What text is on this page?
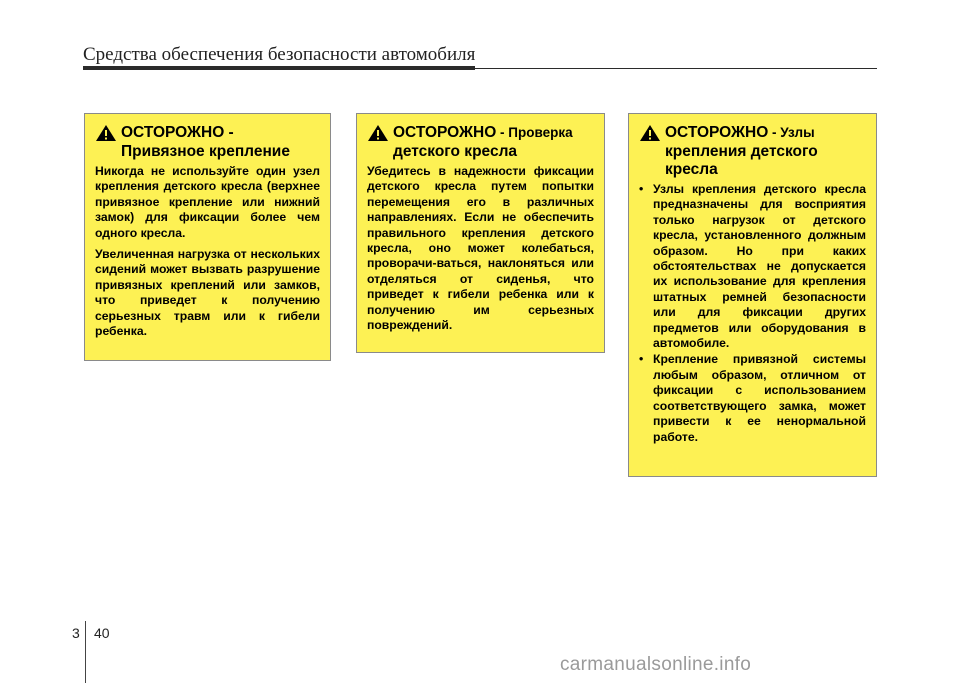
Средства обеспечения безопасности автомобиля
ОСТОРОЖНО -
Привязное крепление

Никогда не используйте один узел крепления детского кресла (верхнее привязное крепление или нижний замок) для фиксации более чем одного кресла.

Увеличенная нагрузка от нескольких сидений может вызвать разрушение привязных креплений или замков, что приведет к получению серьезных травм или к гибели ребенка.

ОСТОРОЖНО - Проверка
детского кресла

Убедитесь в надежности фиксации детского кресла путем попытки перемещения его в различных направлениях. Если не обеспечить правильного крепления детского кресла, оно может колебаться, проворачи-ваться, наклоняться или отделяться от сиденья, что приведет к гибели ребенка или к получению им серьезных повреждений.

ОСТОРОЖНО - Узлы
крепления детского
кресла
• Узлы крепления детского кресла предназначены для восприятия только нагрузок от детского кресла, установленного должным образом. Но при каких обстоятельствах не допускается их использование для крепления штатных ремней безопасности или для фиксации других предметов или оборудования в автомобиле.
• Крепление привязной системы любым образом, отличном от фиксации с использованием соответствующего замка, может привести к ее ненормальной работе.
3 40
carmanualsonline.info
